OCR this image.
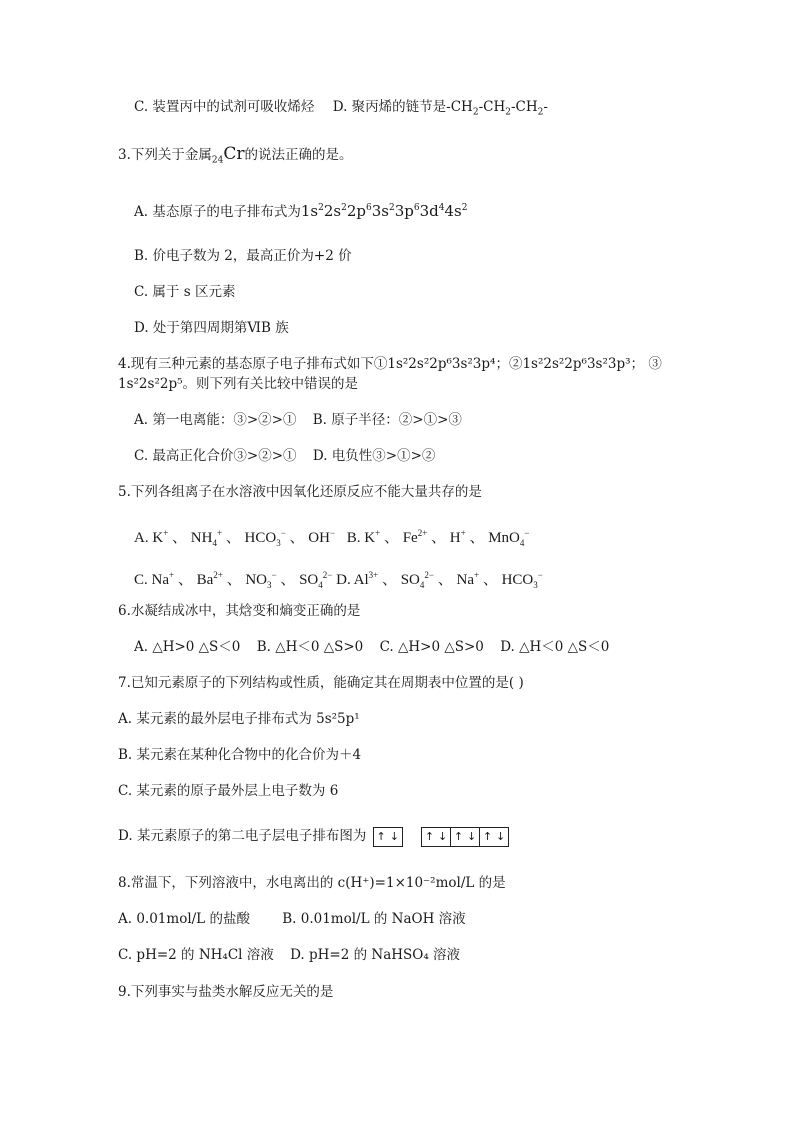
C. 装置丙中的试剂可吸收烯烃 D. 聚丙烯的链节是$-CH_2-CH_2-CH_2-$
3.下列关于金属$_{24}$Cr的说法正确的是。
A. 基态原子的电子排布式为$1s^22s^22p^63s^23p^63d^44s^2$
B. 价电子数为 2，最高正价为+2 价
C. 属于 s 区元素
D. 处于第四周期第ⅥB 族
4.现有三种元素的基态原子电子排布式如下①1s²2s²2p⁶3s²3p⁴；②1s²2s²2p⁶3s²3p³； ③
1s²2s²2p⁵。则下列有关比较中错误的是
A. 第一电离能：③>②>① B. 原子半径：②>①>③
C. 最高正化合价③>②>① D. 电负性③>①>②
5.下列各组离子在水溶液中因氧化还原反应不能大量共存的是
A. K+ 、 $NH_4^+$ 、 $HCO_3^-$ 、 OH− B. K+ 、 $Fe^{2+}$ 、 H+ 、 MnO$_4$−
C. Na+ 、 $Ba^{2+}$ 、 $NO_3^-$ 、 $SO_4^{2-}$ D. $Al^{3+}$ 、 $SO_4^{2-}$ 、 Na+ 、 $HCO_3^-$
6.水凝结成冰中，其焓变和熵变正确的是
A. △H>0 △S＜0 B. △H＜0 △S>0 C. △H>0 △S>0 D. △H＜0 △S＜0
7.已知元素原子的下列结构或性质，能确定其在周期表中位置的是( )
A. 某元素的最外层电子排布式为 5s²5p¹
B. 某元素在某种化合物中的化合价为＋4
C. 某元素的原子最外层上电子数为 6
D. 某元素原子的第二电子层电子排布图为 ↑ ↓
↑ ↓ ↑ ↓ ↑ ↓
8.常温下，下列溶液中，水电离出的 c(H⁺)=1×10⁻²mol/L 的是
A. 0.01mol/L 的盐酸 B. 0.01mol/L 的 NaOH 溶液
C. pH=2 的 NH₄Cl 溶液 D. pH=2 的 NaHSO₄ 溶液
9.下列事实与盐类水解反应无关的是
